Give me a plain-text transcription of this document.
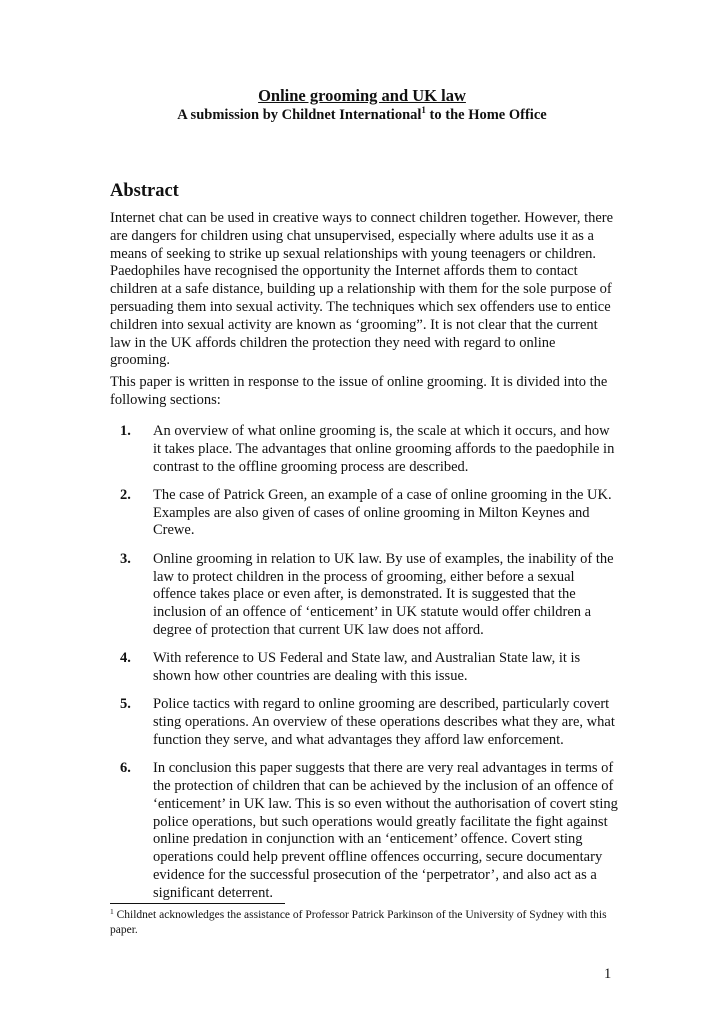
Online grooming and UK law
A submission by Childnet International$^1$ to the Home Office
Abstract

Internet chat can be used in creative ways to connect children together. However, there are dangers for children using chat unsupervised, especially where adults use it as a means of seeking to strike up sexual relationships with young teenagers or children. Paedophiles have recognised the opportunity the Internet affords them to contact children at a safe distance, building up a relationship with them for the sole purpose of persuading them into sexual activity. The techniques which sex offenders use to entice children into sexual activity are known as ‘grooming”. It is not clear that the current law in the UK affords children the protection they need with regard to online grooming.

This paper is written in response to the issue of online grooming. It is divided into the following sections:

1. An overview of what online grooming is, the scale at which it occurs, and how it takes place. The advantages that online grooming affords to the paedophile in contrast to the offline grooming process are described.
2. The case of Patrick Green, an example of a case of online grooming in the UK. Examples are also given of cases of online grooming in Milton Keynes and Crewe.
3. Online grooming in relation to UK law. By use of examples, the inability of the law to protect children in the process of grooming, either before a sexual offence takes place or even after, is demonstrated. It is suggested that the inclusion of an offence of ‘enticement’ in UK statute would offer children a degree of protection that current UK law does not afford.
4. With reference to US Federal and State law, and Australian State law, it is shown how other countries are dealing with this issue.
5. Police tactics with regard to online grooming are described, particularly covert sting operations. An overview of these operations describes what they are, what function they serve, and what advantages they afford law enforcement.
6. In conclusion this paper suggests that there are very real advantages in terms of the protection of children that can be achieved by the inclusion of an offence of ‘enticement’ in UK law. This is so even without the authorisation of covert sting police operations, but such operations would greatly facilitate the fight against online predation in conjunction with an ‘enticement’ offence. Covert sting operations could help prevent offline offences occurring, secure documentary evidence for the successful prosecution of the ‘perpetrator’, and also act as a significant deterrent.
$^1$ Childnet acknowledges the assistance of Professor Patrick Parkinson of the University of Sydney with this paper.
1
